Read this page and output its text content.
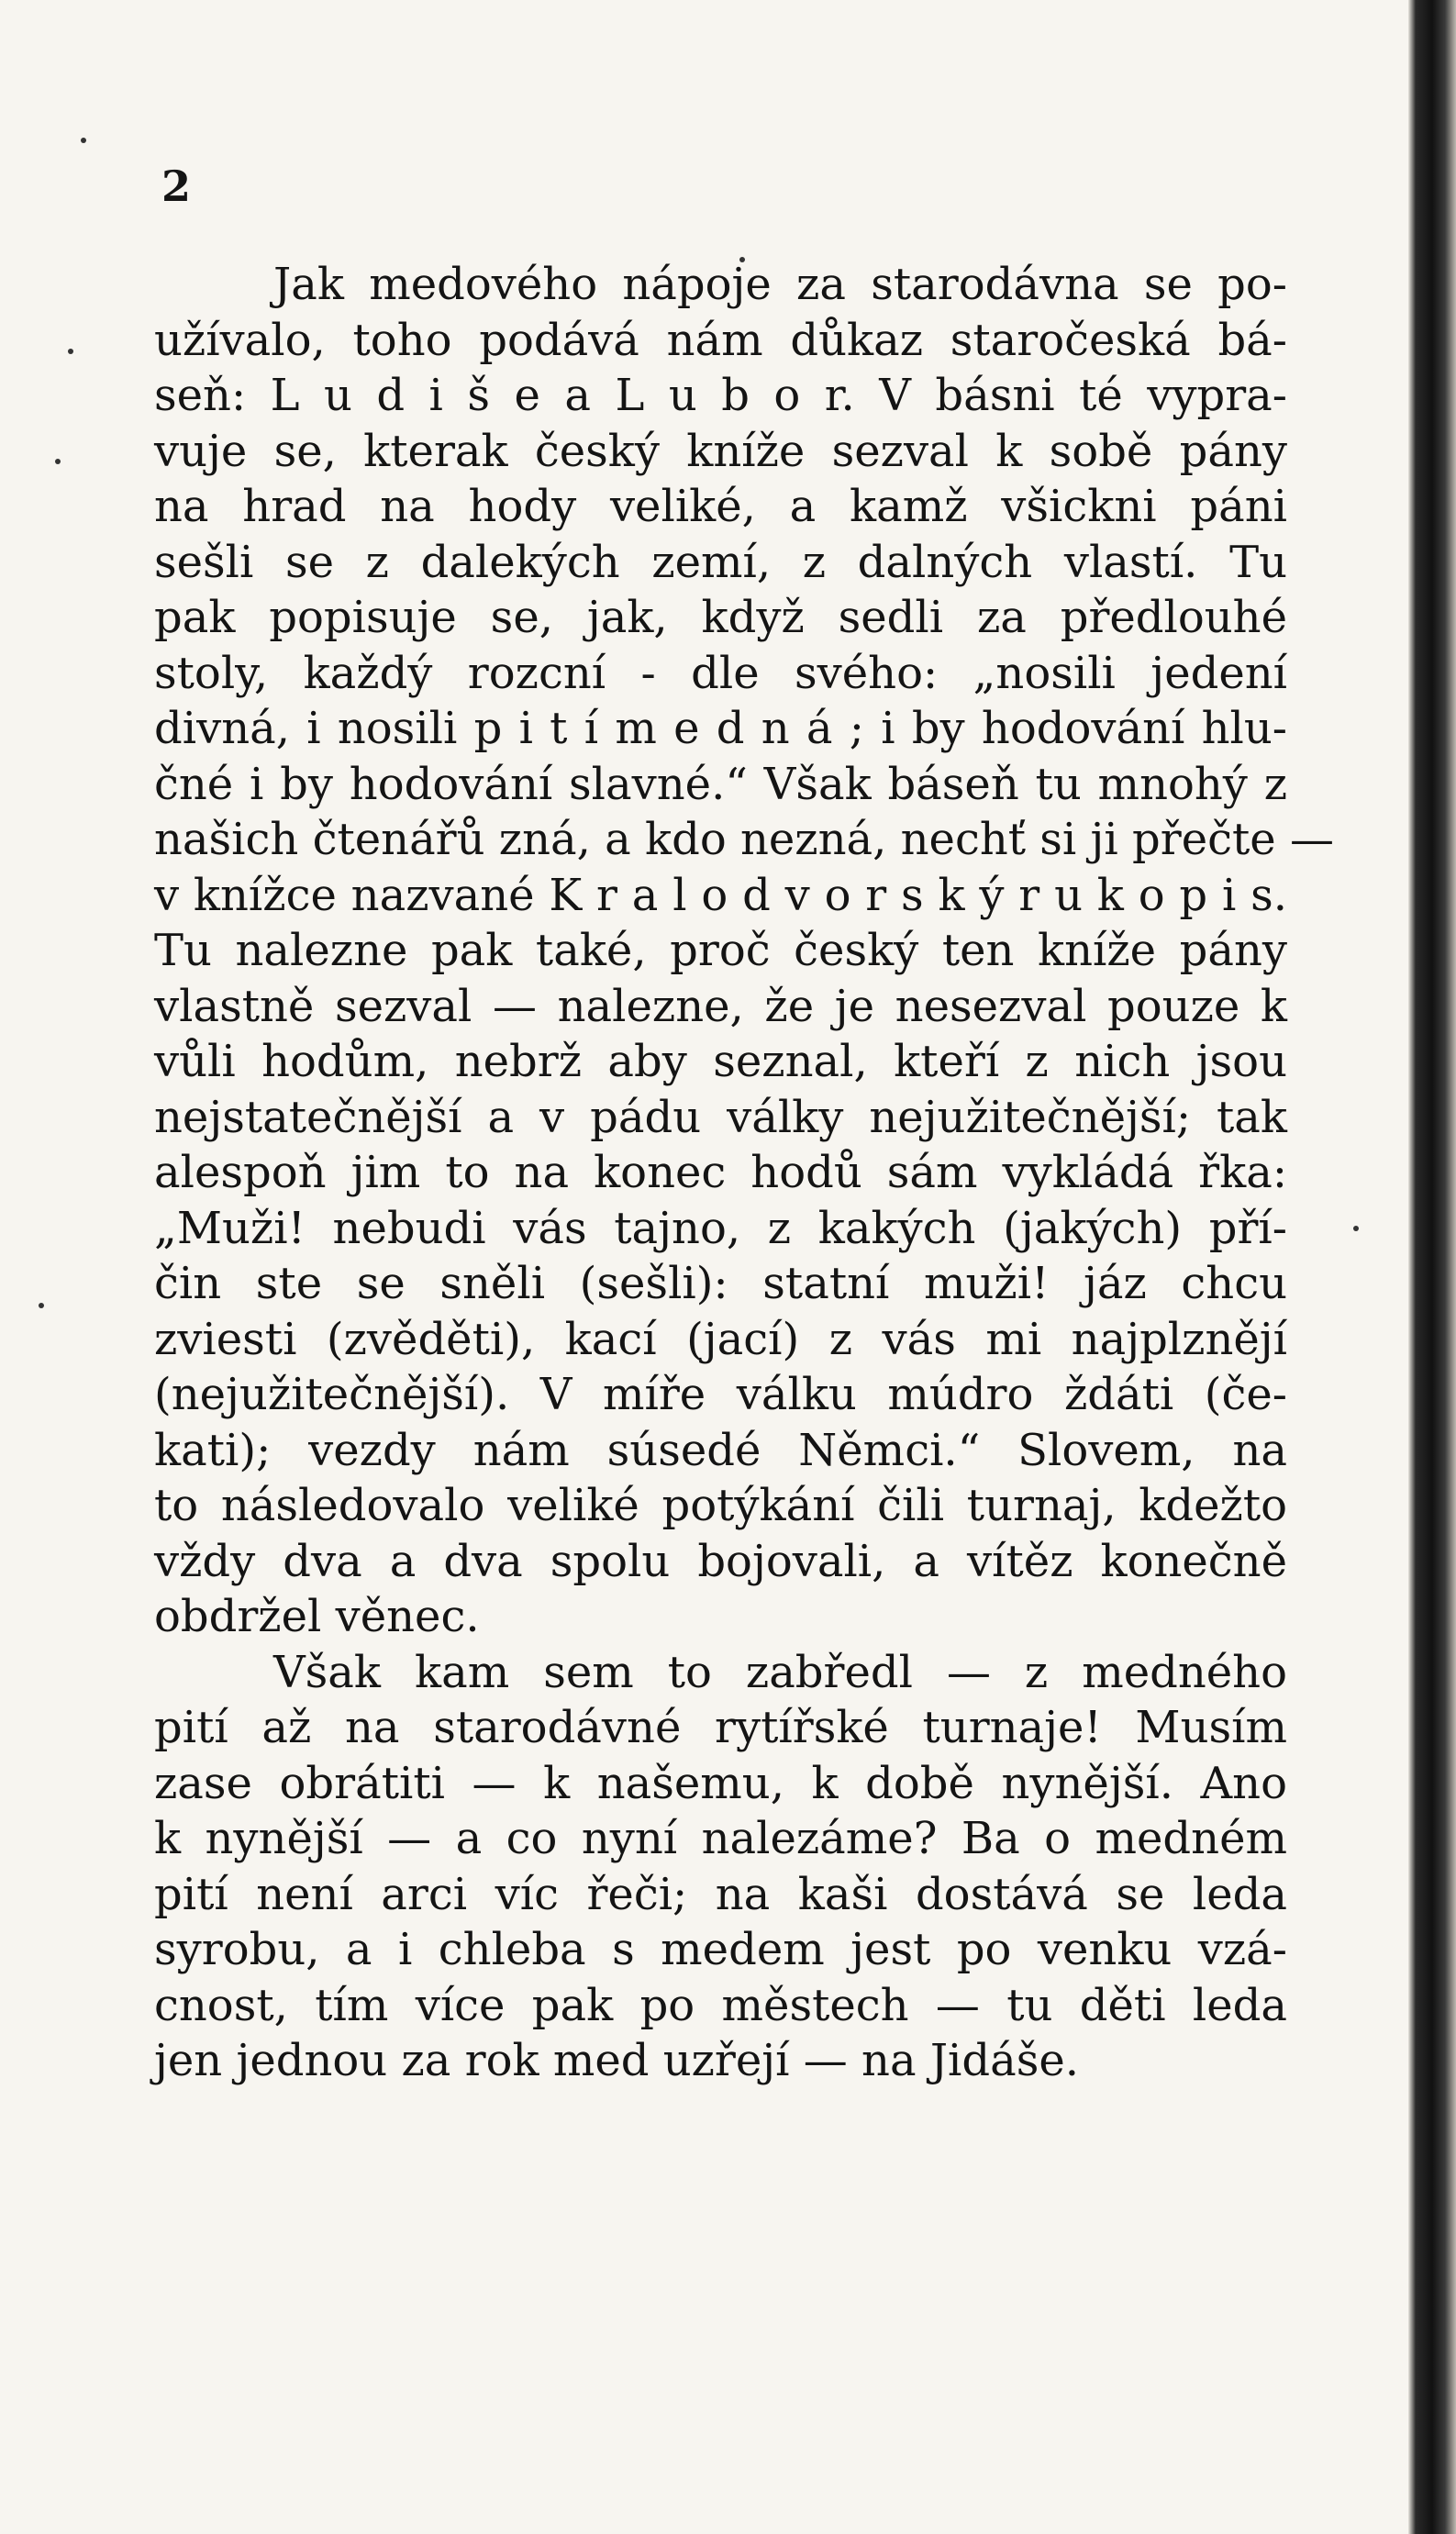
2
Jak medového nápoje za starodávna se po-
užívalo, toho podává nám důkaz staročeská bá-
seň: L u d i š e a L u b o r. V básni té vypra-
vuje se, kterak český kníže sezval k sobě pány
na hrad na hody veliké, a kamž všickni páni
sešli se z dalekých zemí, z dalných vlastí. Tu
pak popisuje se, jak, když sedli za předlouhé
stoly, každý rozcní - dle svého: „nosili jedení
divná, i nosili p i t í m e d n á ; i by hodování hlu-
čné i by hodování slavné.“ Však báseň tu mnohý z
našich čtenářů zná, a kdo nezná, nechť si ji přečte —
v knížce nazvané K r a l o d v o r s k ý r u k o p i s.
Tu nalezne pak také, proč český ten kníže pány
vlastně sezval — nalezne, že je nesezval pouze k
vůli hodům, nebrž aby seznal, kteří z nich jsou
nejstatečnější a v pádu války nejužitečnější; tak
alespoň jim to na konec hodů sám vykládá řka:
„Muži! nebudi vás tajno, z kakých (jakých) pří-
čin ste se sněli (sešli): statní muži! jáz chcu
zviesti (zvěděti), kací (jací) z vás mi najplznějí
(nejužitečnější). V míře válku múdro ždáti (če-
kati); vezdy nám súsedé Němci.“ Slovem, na
to následovalo veliké potýkání čili turnaj, kdežto
vždy dva a dva spolu bojovali, a vítěz konečně
obdržel věnec.
Však kam sem to zabředl — z medného
pití až na starodávné rytířské turnaje! Musím
zase obrátiti — k našemu, k době nynější. Ano
k nynější — a co nyní nalezáme? Ba o medném
pití není arci víc řeči; na kaši dostává se leda
syrobu, a i chleba s medem jest po venku vzá-
cnost, tím více pak po městech — tu děti leda
jen jednou za rok med uzřejí — na Jidáše.
